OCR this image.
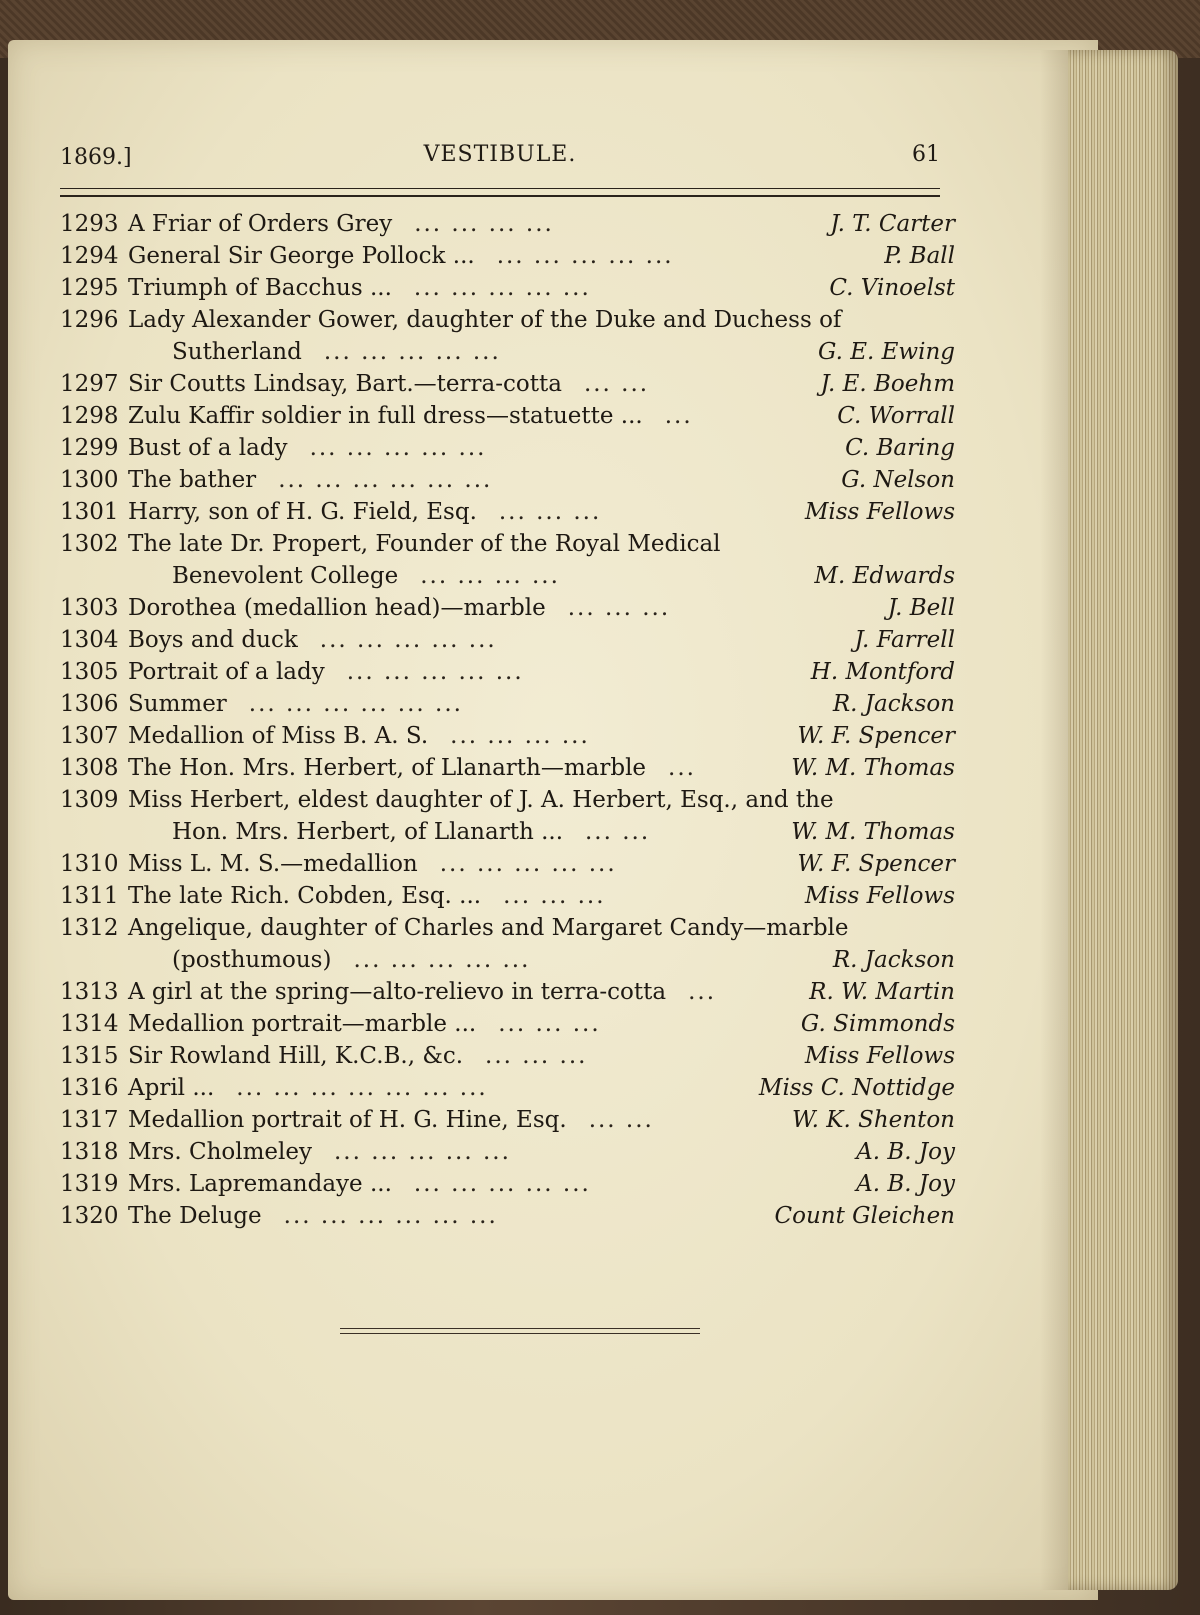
1869.]	VESTIBULE.	61
1293 A Friar of Orders Grey ... ... ... ...	J. T. Carter
1294 General Sir George Pollock ... ... ... ... ... ...	P. Ball
1295 Triumph of Bacchus ... ... ... ... ... ...	C. Vinoelst
1296 Lady Alexander Gower, daughter of the Duke and Duchess of
Sutherland ... ... ... ... ...	G. E. Ewing
1297 Sir Coutts Lindsay, Bart.—terra-cotta ... ...	J. E. Boehm
1298 Zulu Kaffir soldier in full dress—statuette ... ...	C. Worrall
1299 Bust of a lady ... ... ... ... ...	C. Baring
1300 The bather ... ... ... ... ... ...	G. Nelson
1301 Harry, son of H. G. Field, Esq. ... ... ...	Miss Fellows
1302 The late Dr. Propert, Founder of the Royal Medical
Benevolent College ... ... ... ...	M. Edwards
1303 Dorothea (medallion head)—marble ... ... ...	J. Bell
1304 Boys and duck ... ... ... ... ...	J. Farrell
1305 Portrait of a lady ... ... ... ... ...	H. Montford
1306 Summer ... ... ... ... ... ...	R. Jackson
1307 Medallion of Miss B. A. S. ... ... ... ...	W. F. Spencer
1308 The Hon. Mrs. Herbert, of Llanarth—marble ...	W. M. Thomas
1309 Miss Herbert, eldest daughter of J. A. Herbert, Esq., and the
Hon. Mrs. Herbert, of Llanarth ... ... ...	W. M. Thomas
1310 Miss L. M. S.—medallion ... ... ... ... ...	W. F. Spencer
1311 The late Rich. Cobden, Esq. ... ... ... ...	Miss Fellows
1312 Angelique, daughter of Charles and Margaret Candy—marble
(posthumous) ... ... ... ... ...	R. Jackson
1313 A girl at the spring—alto-relievo in terra-cotta ...	R. W. Martin
1314 Medallion portrait—marble ... ... ... ...	G. Simmonds
1315 Sir Rowland Hill, K.C.B., &c. ... ... ...	Miss Fellows
1316 April ... ... ... ... ... ... ... ...	Miss C. Nottidge
1317 Medallion portrait of H. G. Hine, Esq. ... ...	W. K. Shenton
1318 Mrs. Cholmeley ... ... ... ... ...	A. B. Joy
1319 Mrs. Lapremandaye ... ... ... ... ... ...	A. B. Joy
1320 The Deluge ... ... ... ... ... ...	Count Gleichen
